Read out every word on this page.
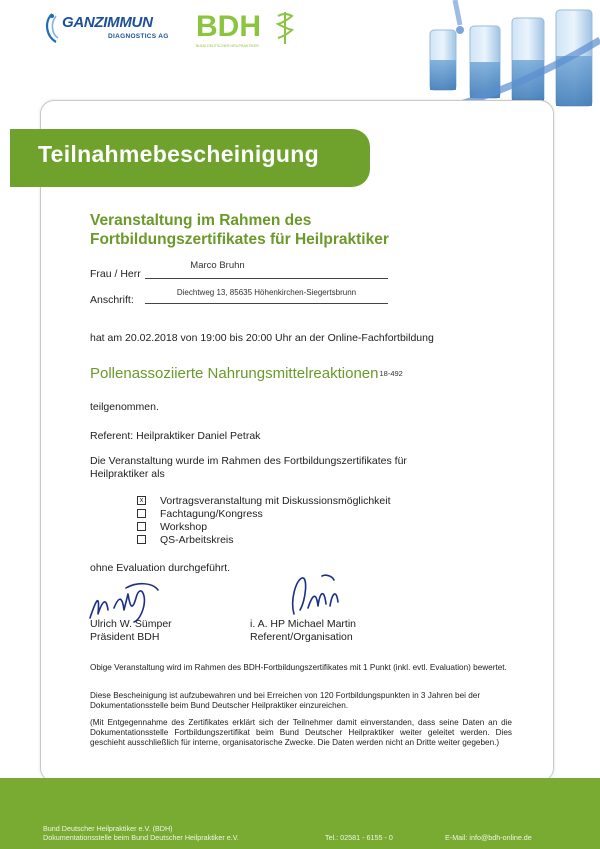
GANZIMMUN
DIAGNOSTICS AG BDH
BUND DEUTSCHER HEILPRAKTIKER
Teilnahmebescheinigung
Veranstaltung im Rahmen des
Fortbildungszertifikates für Heilpraktiker
Frau / Herr
Marco Bruhn
Anschrift:
Diechtweg 13, 85635 Höhenkirchen-Siegertsbrunn
hat am 20.02.2018 von 19:00 bis 20:00 Uhr an der Online-Fachfortbildung
Pollenassoziierte Nahrungsmittelreaktionen18-492
teilgenommen.
Referent: Heilpraktiker Daniel Petrak
Die Veranstaltung wurde im Rahmen des Fortbildungszertifikates für
Heilpraktiker als
x Vortragsveranstaltung mit Diskussionsmöglichkeit
Fachtagung/Kongress
Workshop
QS-Arbeitskreis
ohne Evaluation durchgeführt.
Ulrich W. Sümper
Präsident BDH
i. A. HP Michael Martin
Referent/Organisation
Obige Veranstaltung wird im Rahmen des BDH-Fortbildungszertifikates mit 1 Punkt (inkl. evtl. Evaluation) bewertet.
Diese Bescheinigung ist aufzubewahren und bei Erreichen von 120 Fortbildungspunkten in 3 Jahren bei der Dokumentationsstelle beim Bund Deutscher Heilpraktiker einzureichen.
(Mit Entgegennahme des Zertifikates erklärt sich der Teilnehmer damit einverstanden, dass seine Daten an die Dokumentationsstelle Fortbildungszertifikat beim Bund Deutscher Heilpraktiker weiter geleitet werden. Dies geschieht ausschließlich für interne, organisatorische Zwecke. Die Daten werden nicht an Dritte weiter gegeben.)
Bund Deutscher Heilpraktiker e.V. (BDH)
Dokumentationsstelle beim Bund Deutscher Heilpraktiker e.V.	Tel.: 02581 - 6155 - 0	E-Mail: info@bdh-online.de
